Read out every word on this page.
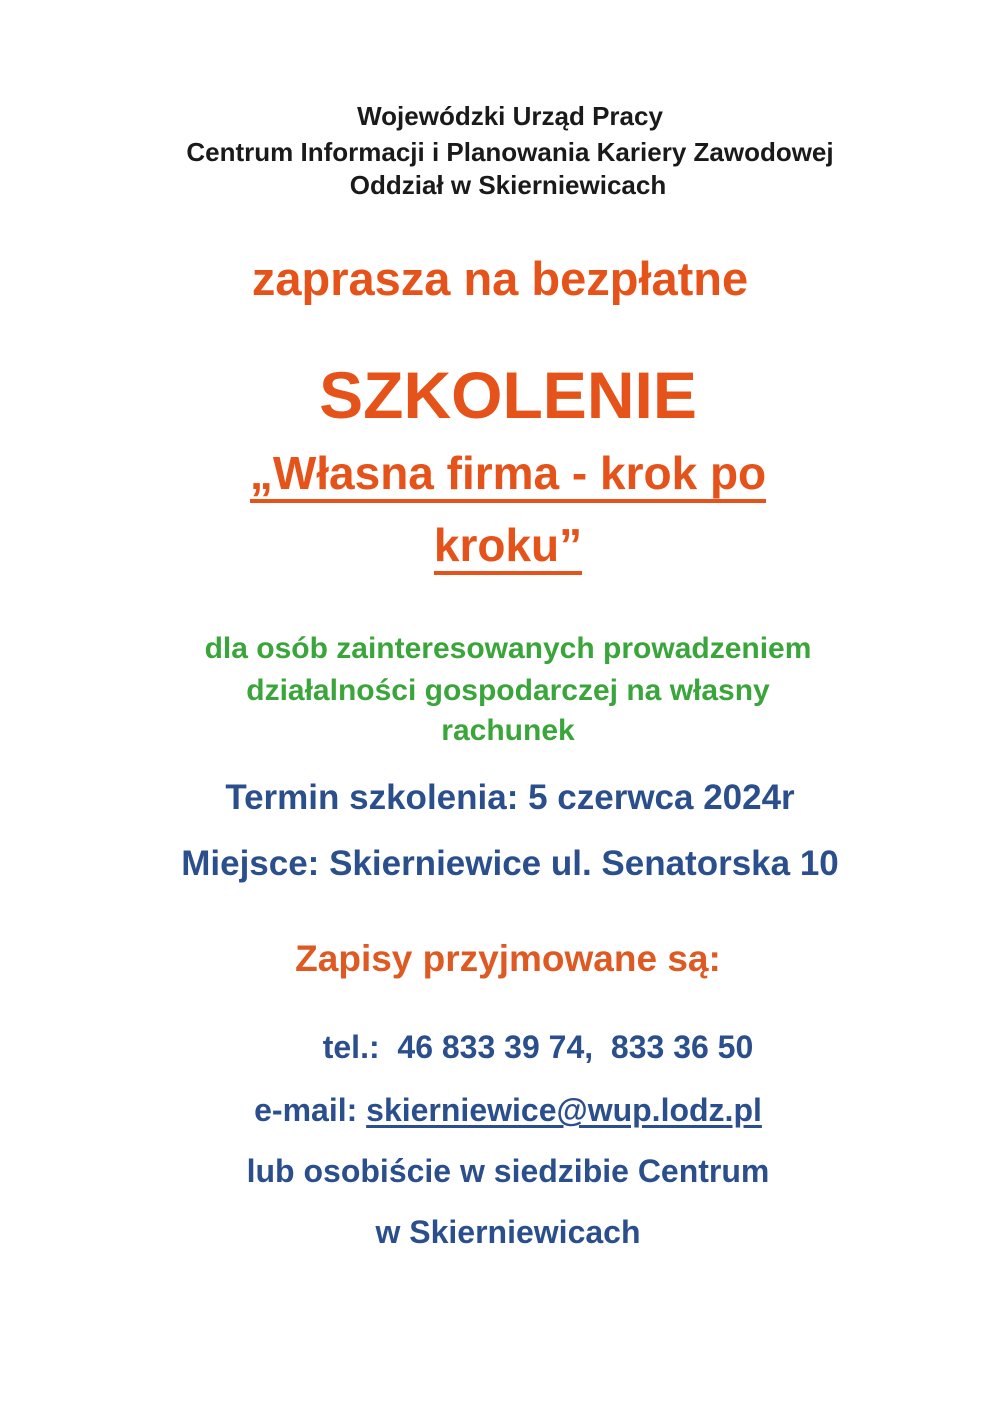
Wojewódzki Urząd Pracy
Centrum Informacji i Planowania Kariery Zawodowej
Oddział w Skierniewicach
zaprasza na bezpłatne
SZKOLENIE
„Własna firma - krok po
kroku”
dla osób zainteresowanych prowadzeniem
działalności gospodarczej na własny
rachunek
Termin szkolenia: 5 czerwca 2024r
Miejsce: Skierniewice ul. Senatorska 10
Zapisy przyjmowane są:
tel.:  46 833 39 74,  833 36 50
e-mail: skierniewice@wup.lodz.pl
lub osobiście w siedzibie Centrum
w Skierniewicach
